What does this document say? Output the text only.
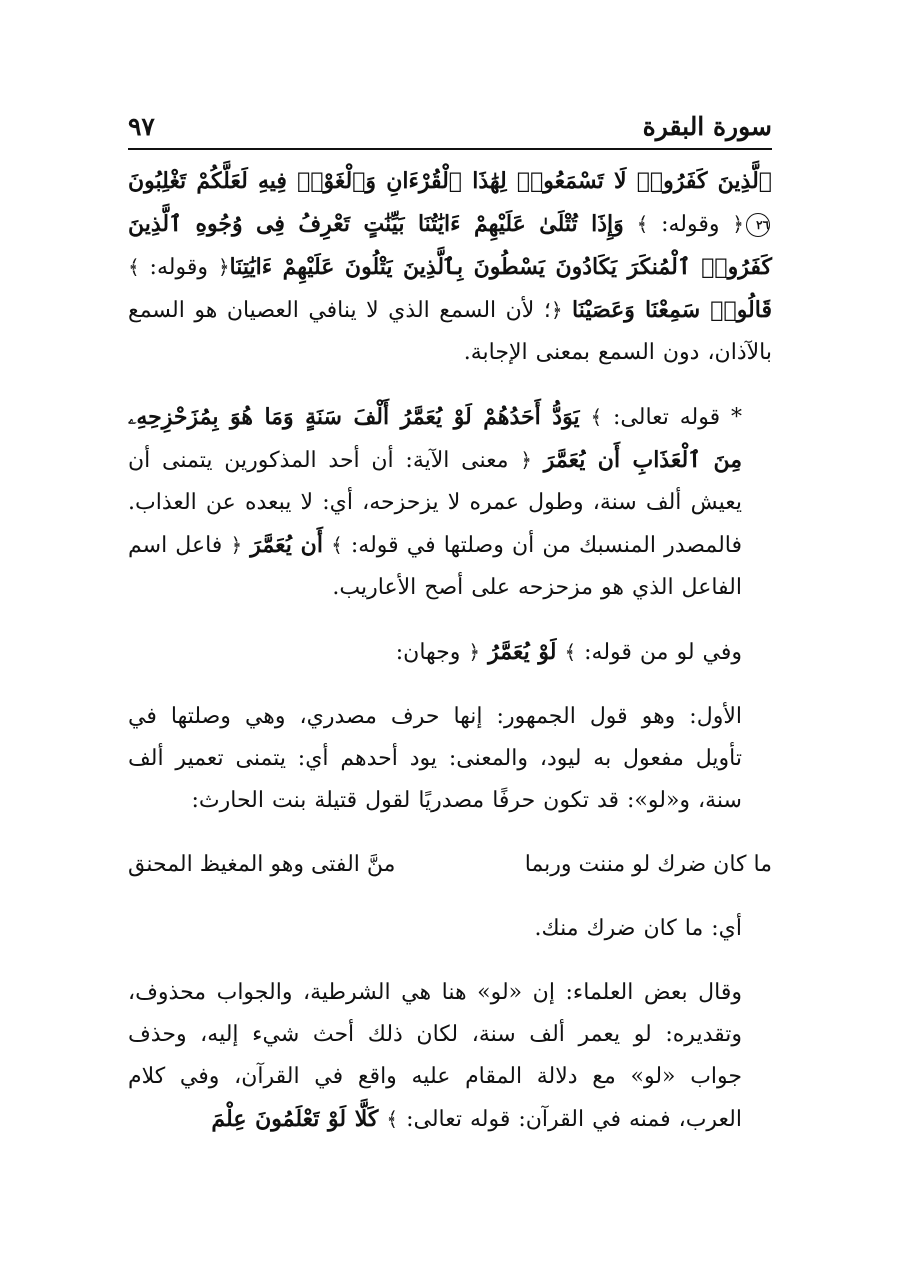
سورة البقرة
٩٧

ٱلَّذِينَ كَفَرُوا۟ لَا تَسْمَعُوا۟ لِهَٰذَا ٱلْقُرْءَانِ وَٱلْغَوْا۟ فِيهِ لَعَلَّكُمْ تَغْلِبُونَ ٢٦﴿ وقوله: ﴾ وَإِذَا تُتْلَىٰ عَلَيْهِمْ ءَايَٰتُنَا بَيِّنَٰتٍ تَعْرِفُ فِى وُجُوهِ ٱلَّذِينَ كَفَرُوا۟ ٱلْمُنكَرَ يَكَادُونَ يَسْطُونَ بِٱلَّذِينَ يَتْلُونَ عَلَيْهِمْ ءَايَٰتِنَا﴿ وقوله: ﴾ قَالُوا۟ سَمِعْنَا وَعَصَيْنَا ﴿؛ لأن السمع الذي لا ينافي العصيان هو السمع بالآذان، دون السمع بمعنى الإجابة.

* قوله تعالى: ﴾ يَوَدُّ أَحَدُهُمْ لَوْ يُعَمَّرُ أَلْفَ سَنَةٍ وَمَا هُوَ بِمُزَحْزِحِهِۦ مِنَ ٱلْعَذَابِ أَن يُعَمَّرَ ﴿ معنى الآية: أن أحد المذكورين يتمنى أن يعيش ألف سنة، وطول عمره لا يزحزحه، أي: لا يبعده عن العذاب. فالمصدر المنسبك من أن وصلتها في قوله: ﴾ أَن يُعَمَّرَ ﴿ فاعل اسم الفاعل الذي هو مزحزحه على أصح الأعاريب.

وفي لو من قوله: ﴾ لَوْ يُعَمَّرُ ﴿ وجهان:

الأول: وهو قول الجمهور: إنها حرف مصدري، وهي وصلتها في تأويل مفعول به ليود، والمعنى: يود أحدهم أي: يتمنى تعمير ألف سنة، و«لو»: قد تكون حرفًا مصدريًا لقول قتيلة بنت الحارث:

ما كان ضرك لو مننت وربما
منَّ الفتى وهو المغيظ المحنق

أي: ما كان ضرك منك.

وقال بعض العلماء: إن «لو» هنا هي الشرطية، والجواب محذوف، وتقديره: لو يعمر ألف سنة، لكان ذلك أحث شيء إليه، وحذف جواب «لو» مع دلالة المقام عليه واقع في القرآن، وفي كلام العرب، فمنه في القرآن: قوله تعالى: ﴾ كَلَّا لَوْ تَعْلَمُونَ عِلْمَ
